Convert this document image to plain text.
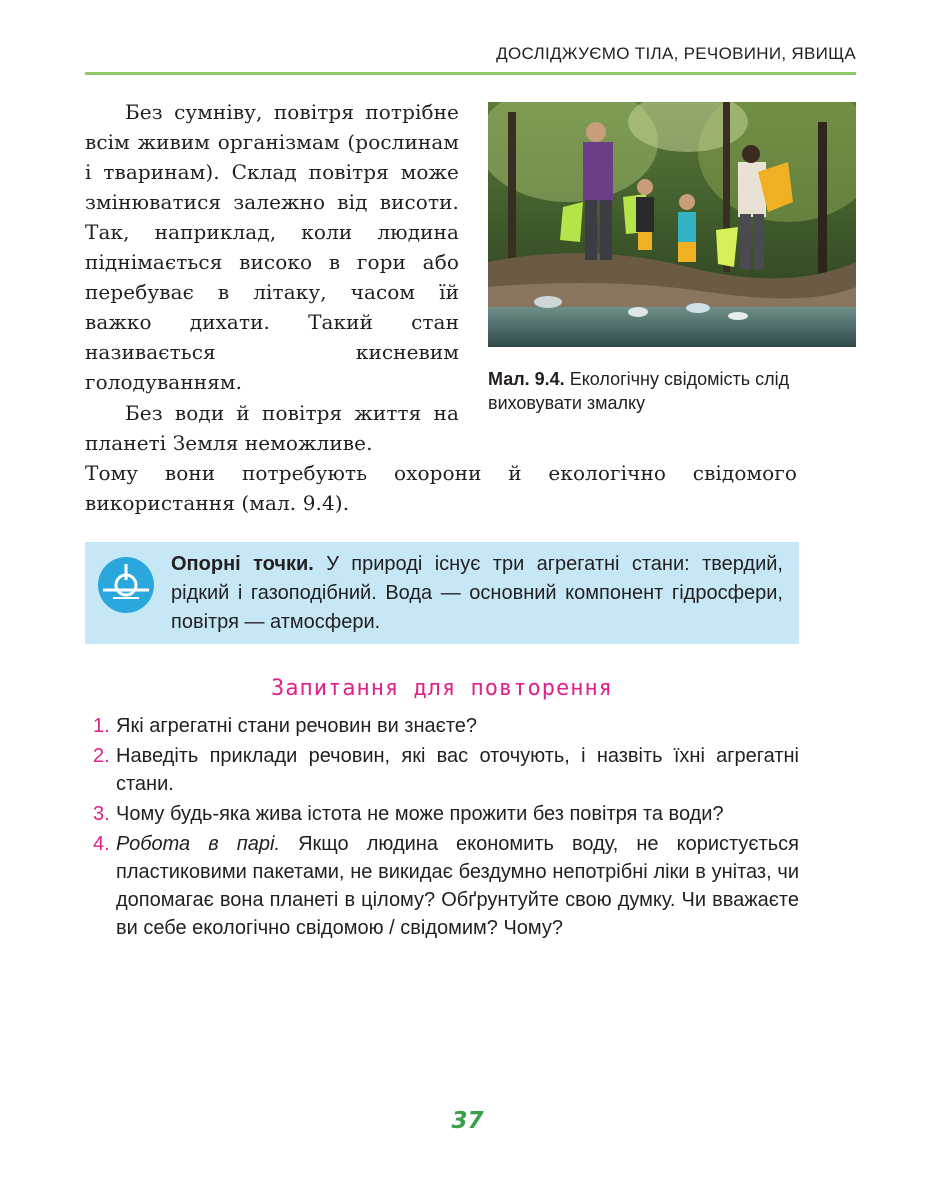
ДОСЛІДЖУЄМО ТІЛА, РЕЧОВИНИ, ЯВИЩА

Без сумніву, повітря потрібне всім живим організмам (рослинам і тваринам). Склад повітря може змінюватися залежно від висоти. Так, наприклад, коли людина піднімається високо в гори або перебуває в літаку, часом їй важко дихати. Такий стан називається кисневим голодуванням.	Мал. 9.4. Екологічну свідомість слід виховувати змалку

Без води й повітря життя на планеті Земля неможливе.

Тому вони потребують охорони й екологічно свідомого використання (мал. 9.4).

Опорні точки. У природі існує три агрегатні стани: твердий, рідкий і газоподібний. Вода — основний компонент гідросфери, повітря — атмосфери.

Запитання для повторення
1. Які агрегатні стани речовин ви знаєте?
2. Наведіть приклади речовин, які вас оточують, і назвіть їхні агрегатні стани.
3. Чому будь-яка жива істота не може прожити без повітря та води?
4. Робота в парі. Якщо людина економить воду, не користується пластиковими пакетами, не викидає бездумно непотрібні ліки в унітаз, чи допомагає вона планеті в цілому? Обґрунтуйте свою думку. Чи вважаєте ви себе екологічно свідомою / свідомим? Чому?
37
